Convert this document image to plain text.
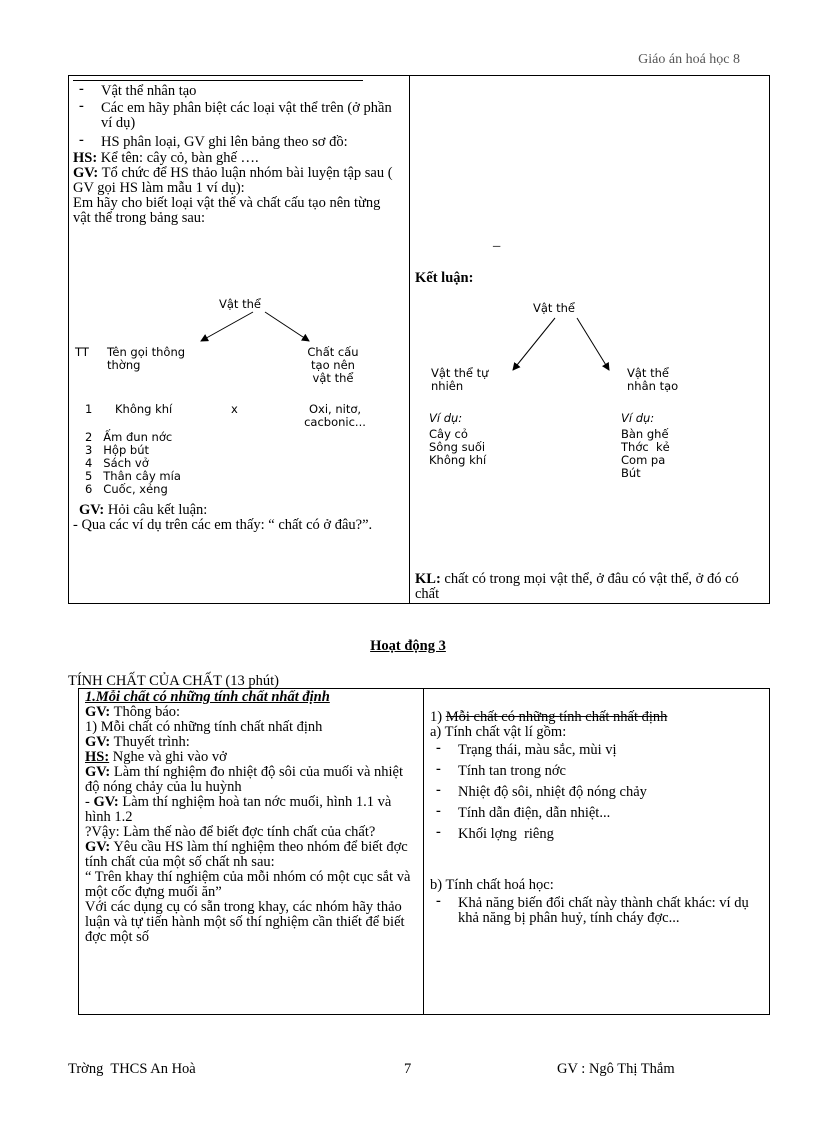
Giáo án hoá học 8
- Vật thể nhân tạo
- Các em hãy phân biệt các loại vật thể trên (ở phần ví dụ)
- HS phân loại, GV ghi lên bảng theo sơ đồ:
HS: Kể tên: cây cỏ, bàn ghế ….
GV: Tổ chức để HS thảo luận nhóm bài luyện tập sau ( GV gọi HS làm mẫu 1 ví dụ):
Em hãy cho biết loại vật thể và chất cấu tạo nên từng vật thể trong bảng sau:
Vật thể
TT Tên gọi thông thờng
Chất cấu tạo nên vật thể
1 Không khí	x	Oxi, nitơ, cacbonic...
2   Ấm đun nớc
3   Hộp bút
4   Sách vở
5   Thân cây mía
6   Cuốc, xẻng
GV: Hỏi câu kết luận:
- Qua các ví dụ trên các em thấy: “ chất có ở đâu?”.
_
Kết luận:
Vật thể
Vật thể tự nhiên
Vật thể nhân tạo
Ví dụ:	Ví dụ:
Cây cỏ
Sông suối
Không khí
Bàn ghế
Thớc  kẻ
Com pa
Bút
KL: chất có trong mọi vật thể, ở đâu có vật thể, ở đó có chất
Hoạt động 3
TÍNH CHẤT CỦA CHẤT (13 phút)
1.Mỗi chất có những tính chất nhất định
GV: Thông báo:
1) Mỗi chất có những tính chất nhất định
GV: Thuyết trình:
HS: Nghe và ghi vào vở
GV: Làm thí nghiệm đo nhiệt độ sôi của muối và nhiệt độ nóng chảy của lu huỳnh
- GV: Làm thí nghiệm hoà tan nớc muối, hình 1.1 và hình 1.2
?Vậy: Làm thế nào để biết đợc tính chất của chất?
GV: Yêu cầu HS làm thí nghiệm theo nhóm để biết đợc tính chất của một số chất nh sau:
“ Trên khay thí nghiệm của mỗi nhóm có một cục sắt và một cốc đựng muối ăn”
Với các dụng cụ có sẵn trong khay, các nhóm hãy thảo luận và tự tiến hành một số thí nghiệm cần thiết để biết đợc một số
1) Mỗi chất có những tính chất nhất định
a) Tính chất vật lí gồm:
- Trạng thái, màu sắc, mùi vị
- Tính tan trong nớc
- Nhiệt độ sôi, nhiệt độ nóng chảy
- Tính dẫn điện, dẫn nhiệt...
- Khối lợng  riêng
b) Tính chất hoá học:
- Khả năng biến đổi chất này thành chất khác: ví dụ khả năng bị phân huỷ, tính cháy đợc...
Trờng  THCS An Hoà	7	GV : Ngô Thị Thắm
